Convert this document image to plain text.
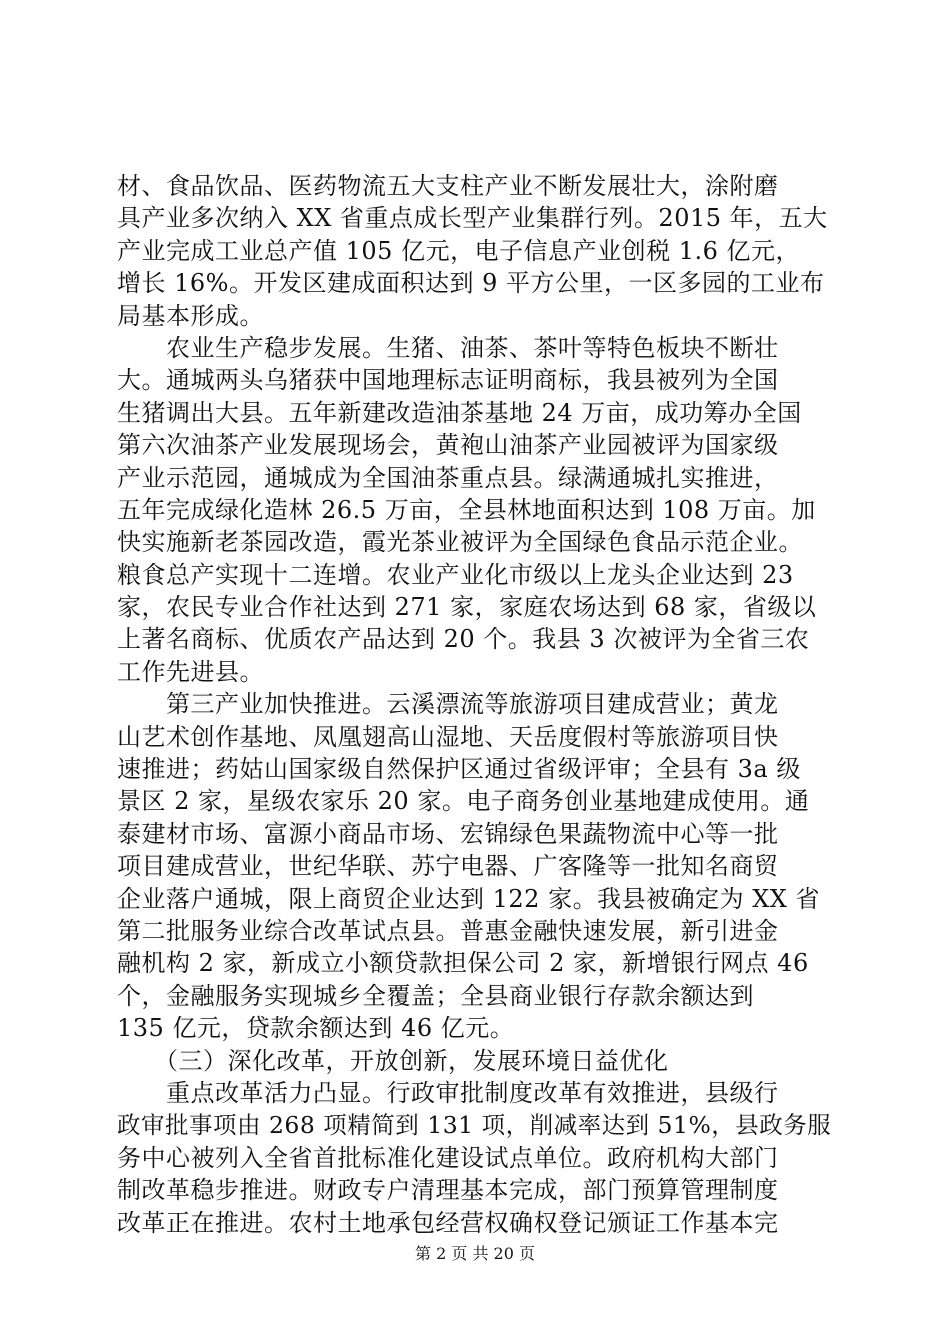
材、食品饮品、医药物流五大支柱产业不断发展壮大，涂附磨
具产业多次纳入 XX 省重点成长型产业集群行列。2015 年，五大
产业完成工业总产值 105 亿元，电子信息产业创税 1.6 亿元，
增长 16%。开发区建成面积达到 9 平方公里，一区多园的工业布
局基本形成。
　　农业生产稳步发展。生猪、油茶、茶叶等特色板块不断壮
大。通城两头乌猪获中国地理标志证明商标，我县被列为全国
生猪调出大县。五年新建改造油茶基地 24 万亩，成功筹办全国
第六次油茶产业发展现场会，黄袍山油茶产业园被评为国家级
产业示范园，通城成为全国油茶重点县。绿满通城扎实推进，
五年完成绿化造林 26.5 万亩，全县林地面积达到 108 万亩。加
快实施新老茶园改造，霞光茶业被评为全国绿色食品示范企业。
粮食总产实现十二连增。农业产业化市级以上龙头企业达到 23
家，农民专业合作社达到 271 家，家庭农场达到 68 家，省级以
上著名商标、优质农产品达到 20 个。我县 3 次被评为全省三农
工作先进县。
　　第三产业加快推进。云溪漂流等旅游项目建成营业；黄龙
山艺术创作基地、凤凰翅高山湿地、天岳度假村等旅游项目快
速推进；药姑山国家级自然保护区通过省级评审；全县有 3a 级
景区 2 家，星级农家乐 20 家。电子商务创业基地建成使用。通
泰建材市场、富源小商品市场、宏锦绿色果蔬物流中心等一批
项目建成营业，世纪华联、苏宁电器、广客隆等一批知名商贸
企业落户通城，限上商贸企业达到 122 家。我县被确定为 XX 省
第二批服务业综合改革试点县。普惠金融快速发展，新引进金
融机构 2 家，新成立小额贷款担保公司 2 家，新增银行网点 46
个，金融服务实现城乡全覆盖；全县商业银行存款余额达到
135 亿元，贷款余额达到 46 亿元。
　　（三）深化改革，开放创新，发展环境日益优化
　　重点改革活力凸显。行政审批制度改革有效推进，县级行
政审批事项由 268 项精简到 131 项，削减率达到 51%，县政务服
务中心被列入全省首批标准化建设试点单位。政府机构大部门
制改革稳步推进。财政专户清理基本完成，部门预算管理制度
改革正在推进。农村土地承包经营权确权登记颁证工作基本完
第 2 页 共 20 页
